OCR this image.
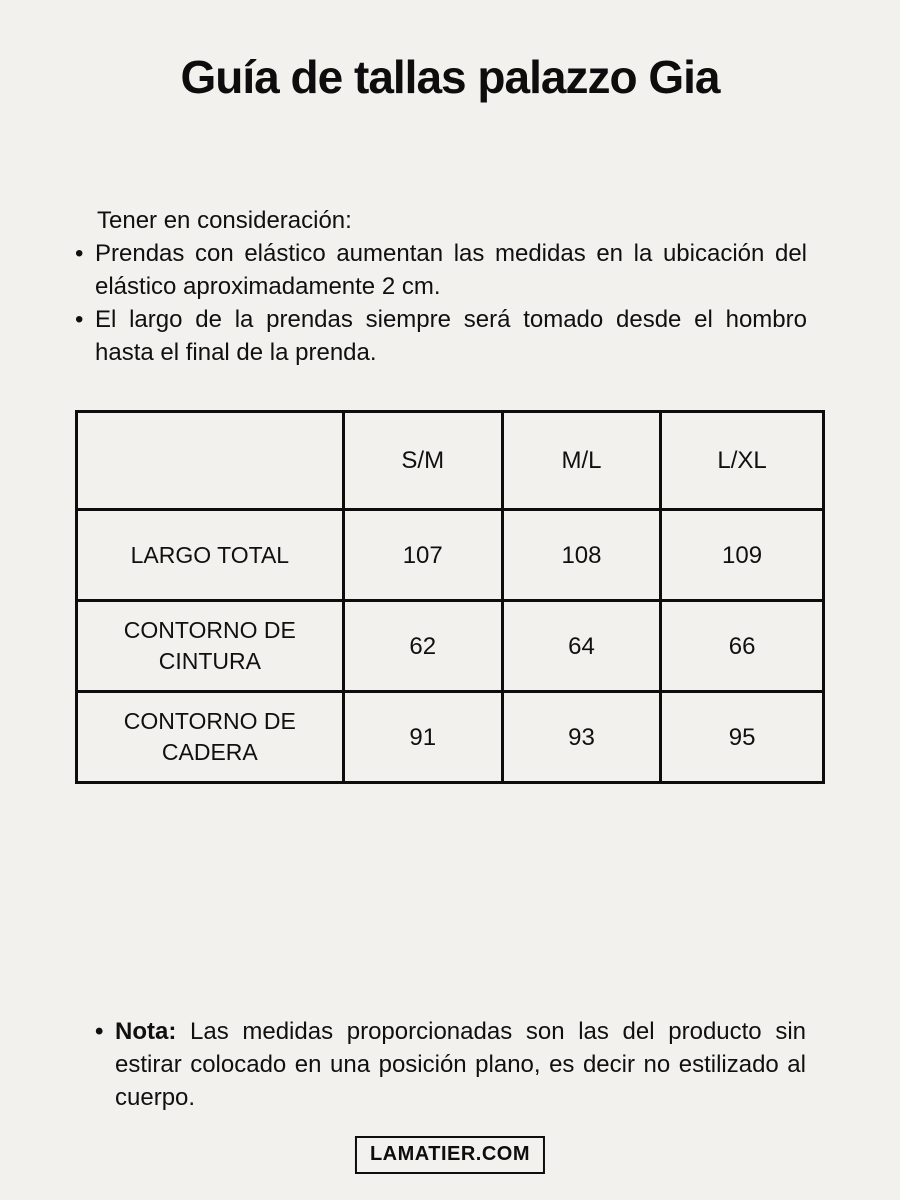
Guía de tallas palazzo Gia

Tener en consideración:

• Prendas con elástico aumentan las medidas en la ubicación del elástico aproximadamente 2 cm.
• El largo de la prendas siempre será tomado desde el hombro hasta el final de la prenda.
	S/M	M/L	L/XL
LARGO TOTAL	107	108	109
CONTORNO DE CINTURA	62	64	66
CONTORNO DE CADERA	91	93	95
• Nota: Las medidas proporcionadas son las del producto sin estirar colocado en una posición plano, es decir no estilizado al cuerpo.
LAMATIER.COM
